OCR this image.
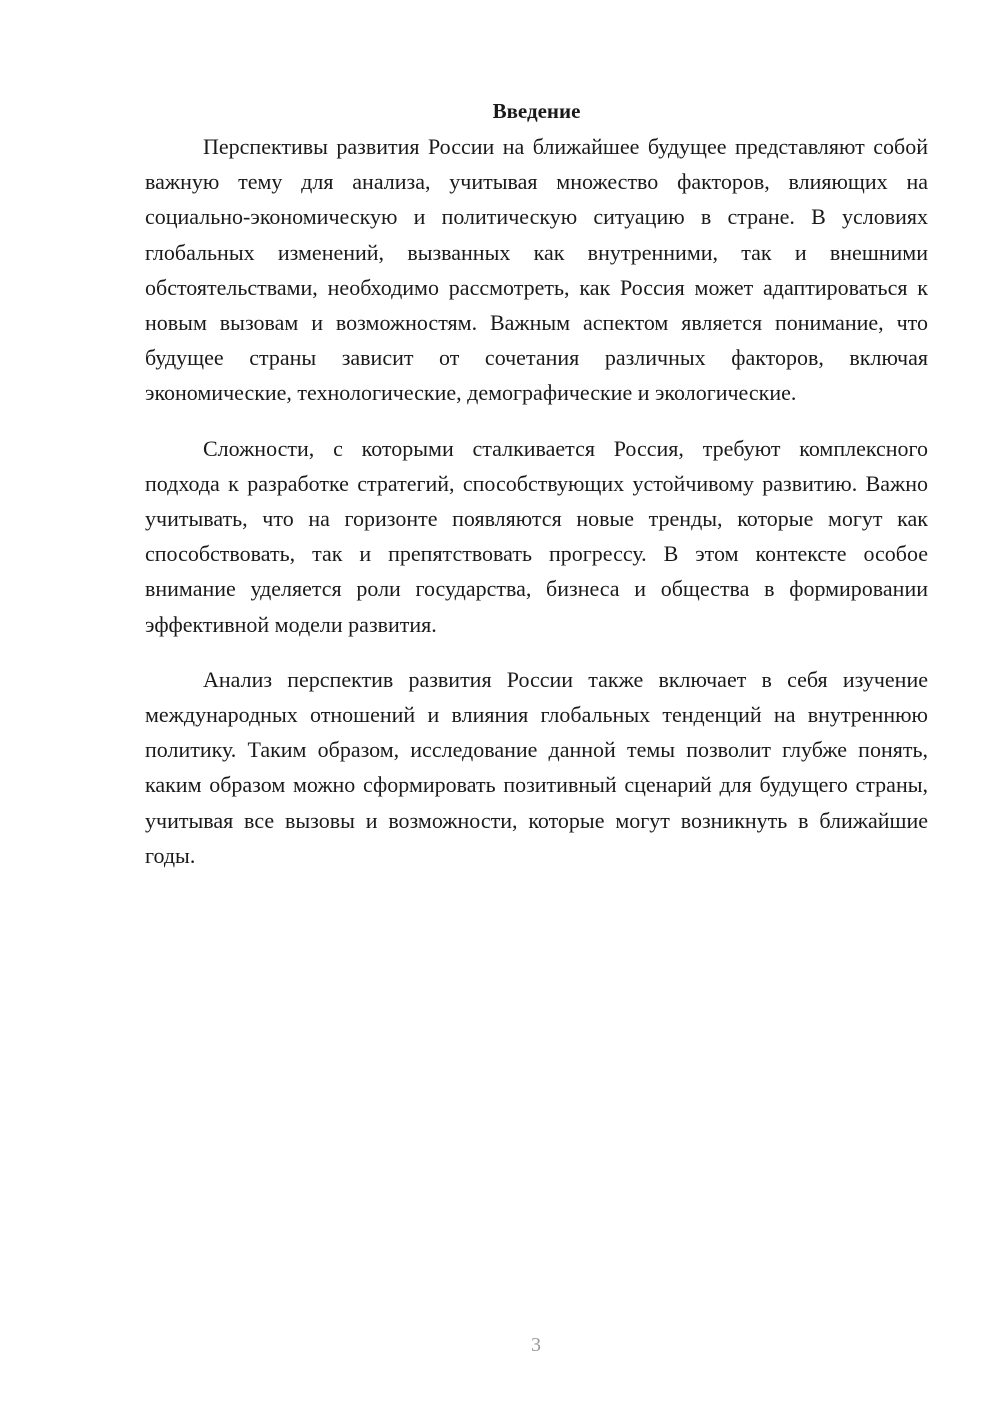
Введение

Перспективы развития России на ближайшее будущее представляют собой важную тему для анализа, учитывая множество факторов, влияющих на социально-экономическую и политическую ситуацию в стране. В условиях глобальных изменений, вызванных как внутренними, так и внешними обстоятельствами, необходимо рассмотреть, как Россия может адаптироваться к новым вызовам и возможностям. Важным аспектом является понимание, что будущее страны зависит от сочетания различных факторов, включая экономические, технологические, демографические и экологические.

Сложности, с которыми сталкивается Россия, требуют комплексного подхода к разработке стратегий, способствующих устойчивому развитию. Важно учитывать, что на горизонте появляются новые тренды, которые могут как способствовать, так и препятствовать прогрессу. В этом контексте особое внимание уделяется роли государства, бизнеса и общества в формировании эффективной модели развития.

Анализ перспектив развития России также включает в себя изучение международных отношений и влияния глобальных тенденций на внутреннюю политику. Таким образом, исследование данной темы позволит глубже понять, каким образом можно сформировать позитивный сценарий для будущего страны, учитывая все вызовы и возможности, которые могут возникнуть в ближайшие годы.

3
